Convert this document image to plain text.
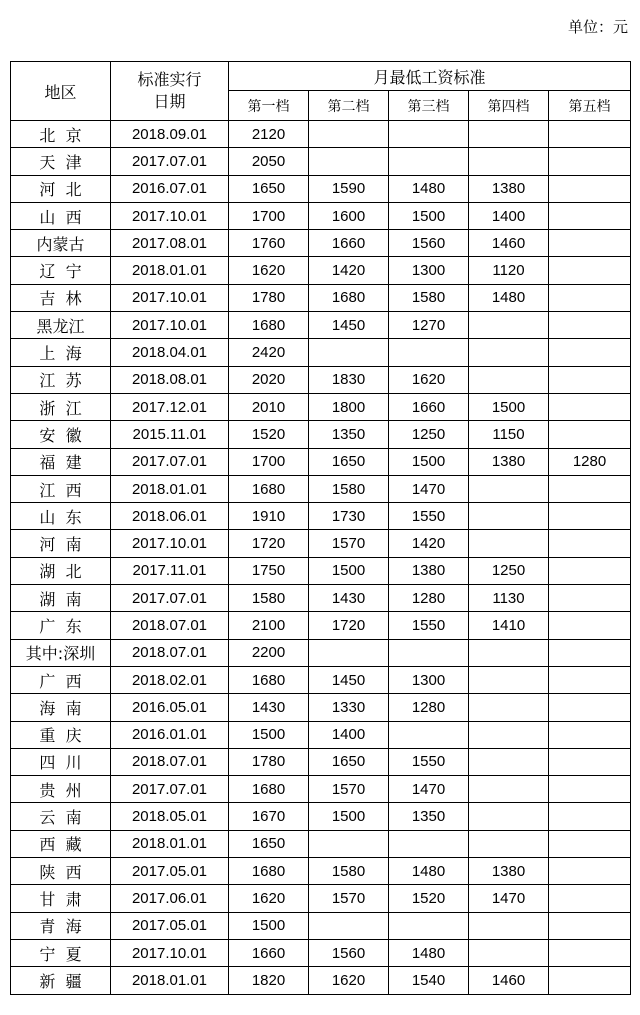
单位：元
地区	标准实行
日期	月最低工资标准				
		第一档	第二档	第三档	第四档	第五档
北  京	2018.09.01	2120				
天  津	2017.07.01	2050				
河  北	2016.07.01	1650	1590	1480	1380	
山  西	2017.10.01	1700	1600	1500	1400	
内蒙古	2017.08.01	1760	1660	1560	1460	
辽  宁	2018.01.01	1620	1420	1300	1120	
吉  林	2017.10.01	1780	1680	1580	1480	
黑龙江	2017.10.01	1680	1450	1270		
上  海	2018.04.01	2420				
江  苏	2018.08.01	2020	1830	1620		
浙  江	2017.12.01	2010	1800	1660	1500	
安  徽	2015.11.01	1520	1350	1250	1150	
福  建	2017.07.01	1700	1650	1500	1380	1280
江  西	2018.01.01	1680	1580	1470		
山  东	2018.06.01	1910	1730	1550		
河  南	2017.10.01	1720	1570	1420		
湖  北	2017.11.01	1750	1500	1380	1250	
湖  南	2017.07.01	1580	1430	1280	1130	
广  东	2018.07.01	2100	1720	1550	1410	
其中:深圳	2018.07.01	2200				
广  西	2018.02.01	1680	1450	1300		
海  南	2016.05.01	1430	1330	1280		
重  庆	2016.01.01	1500	1400			
四  川	2018.07.01	1780	1650	1550		
贵  州	2017.07.01	1680	1570	1470		
云  南	2018.05.01	1670	1500	1350		
西  藏	2018.01.01	1650				
陕  西	2017.05.01	1680	1580	1480	1380	
甘  肃	2017.06.01	1620	1570	1520	1470	
青  海	2017.05.01	1500				
宁  夏	2017.10.01	1660	1560	1480		
新  疆	2018.01.01	1820	1620	1540	1460	
